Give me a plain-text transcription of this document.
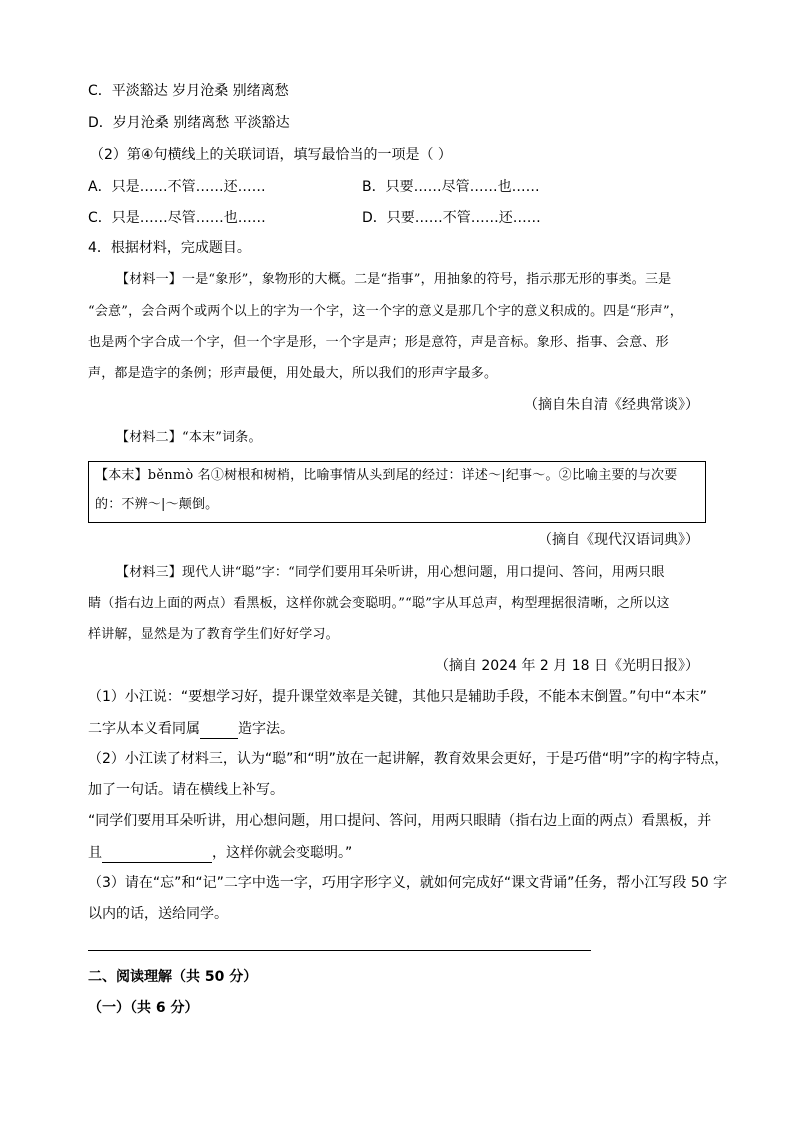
C．平淡豁达 岁月沧桑 别绪离愁
D．岁月沧桑 别绪离愁 平淡豁达
（2）第④句横线上的关联词语，填写最恰当的一项是（ ）
A．只是……不管……还……	B．只要……尽管……也……
C．只是……尽管……也……	D．只要……不管……还……
4．根据材料，完成题目。
【材料一】一是“象形”，象物形的大概。二是“指事”，用抽象的符号，指示那无形的事类。三是
“会意”，会合两个或两个以上的字为一个字，这一个字的意义是那几个字的意义积成的。四是“形声”，
也是两个字合成一个字，但一个字是形，一个字是声；形是意符，声是音标。象形、指事、会意、形
声，都是造字的条例；形声最便，用处最大，所以我们的形声字最多。
（摘自朱自清《经典常谈》）
【材料二】“本末”词条。
【本末】běnmò 名①树根和树梢，比喻事情从头到尾的经过：详述～|纪事～。②比喻主要的与次要
的：不辨～|～颠倒。
（摘自《现代汉语词典》）
【材料三】现代人讲“聪”字：“同学们要用耳朵听讲，用心想问题，用口提问、答问，用两只眼
睛（指右边上面的两点）看黑板，这样你就会变聪明。”“聪”字从耳总声，构型理据很清晰，之所以这
样讲解，显然是为了教育学生们好好学习。
（摘自 2024 年 2 月 18 日《光明日报》）
（1）小江说：“要想学习好，提升课堂效率是关键，其他只是辅助手段，不能本末倒置。”句中“本末”
二字从本义看同属	造字法。
（2）小江读了材料三，认为“聪”和“明”放在一起讲解，教育效果会更好，于是巧借“明”字的构字特点，
加了一句话。请在横线上补写。
“同学们要用耳朵听讲，用心想问题，用口提问、答问，用两只眼睛（指右边上面的两点）看黑板，并
且	，这样你就会变聪明。”
（3）请在“忘”和“记”二字中选一字，巧用字形字义，就如何完成好“课文背诵”任务，帮小江写段 50 字
以内的话，送给同学。
二、阅读理解（共 50 分）
（一）（共 6 分）
